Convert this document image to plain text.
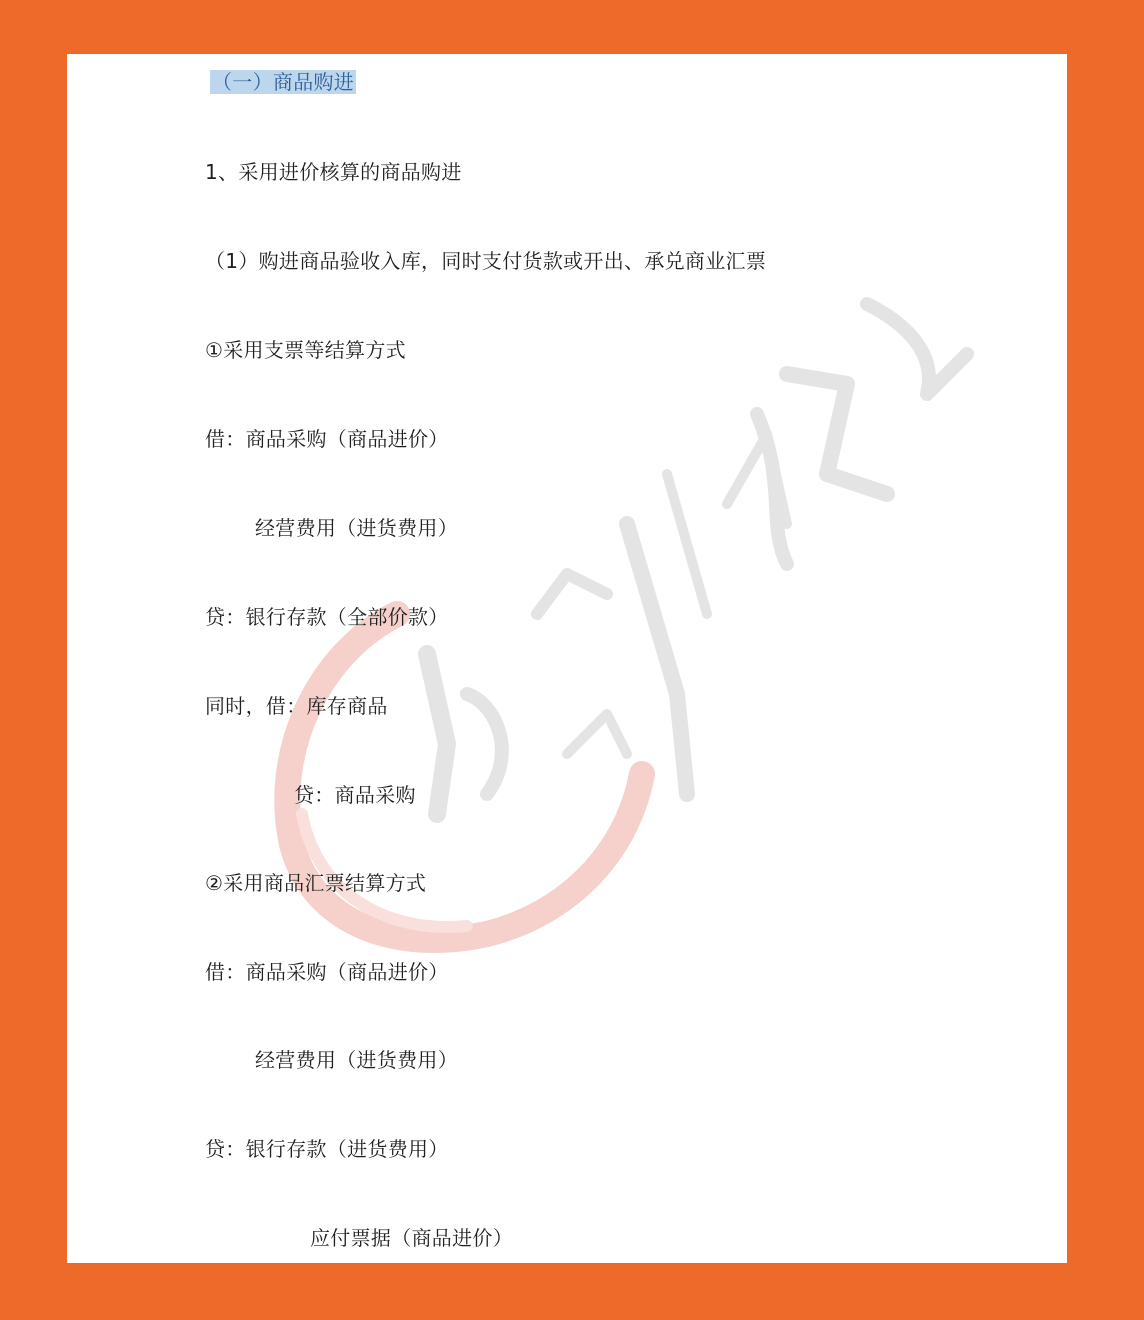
（一）商品购进
1、采用进价核算的商品购进
（1）购进商品验收入库，同时支付货款或开出、承兑商业汇票
①采用支票等结算方式
借：商品采购（商品进价）
经营费用（进货费用）
贷：银行存款（全部价款）
同时，借：库存商品
贷：商品采购
②采用商品汇票结算方式
借：商品采购（商品进价）
经营费用（进货费用）
贷：银行存款（进货费用）
应付票据（商品进价）
